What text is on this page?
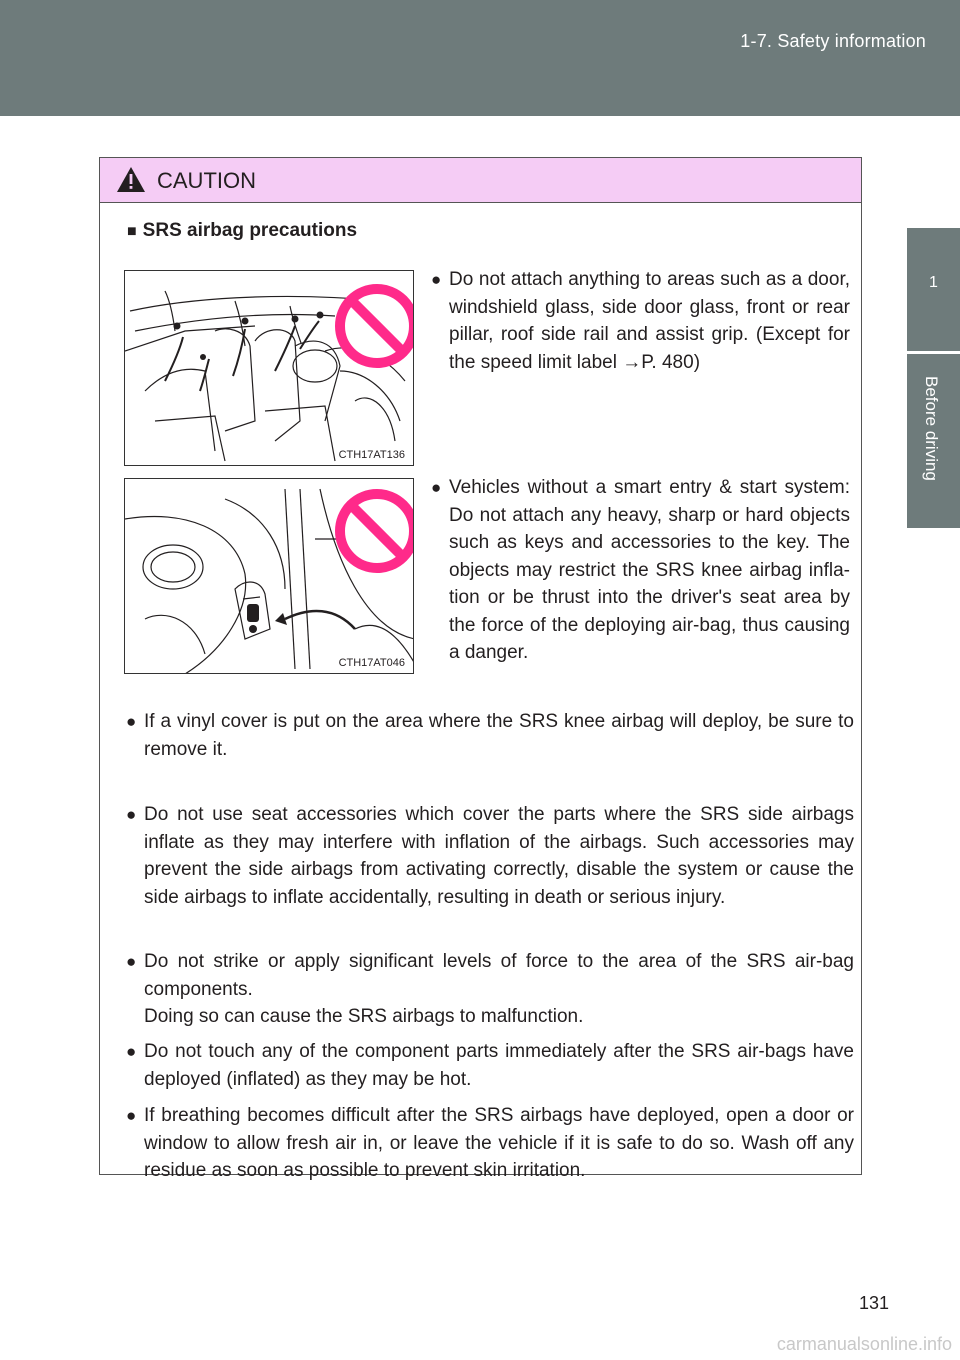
1-7. Safety information
1
Before driving
CAUTION
■ SRS airbag precautions
CTH17AT136
CTH17AT046
● Do not attach anything to areas such as a door, windshield glass, side door glass, front or rear pillar, roof side rail and assist grip. (Except for the speed limit label →P. 480)
● Vehicles without a smart entry & start system: Do not attach any heavy, sharp or hard objects such as keys and accessories to the key. The objects may restrict the SRS knee airbag infla-tion or be thrust into the driver's seat area by the force of the deploying air-bag, thus causing a danger.
● If a vinyl cover is put on the area where the SRS knee airbag will deploy, be sure to remove it.
● Do not use seat accessories which cover the parts where the SRS side airbags inflate as they may interfere with inflation of the airbags. Such accessories may prevent the side airbags from activating correctly, disable the system or cause the side airbags to inflate accidentally, resulting in death or serious injury.
● Do not strike or apply significant levels of force to the area of the SRS air-bag components.
Doing so can cause the SRS airbags to malfunction.
● Do not touch any of the component parts immediately after the SRS air-bags have deployed (inflated) as they may be hot.
● If breathing becomes difficult after the SRS airbags have deployed, open a door or window to allow fresh air in, or leave the vehicle if it is safe to do so. Wash off any residue as soon as possible to prevent skin irritation.
131
carmanualsonline.info
